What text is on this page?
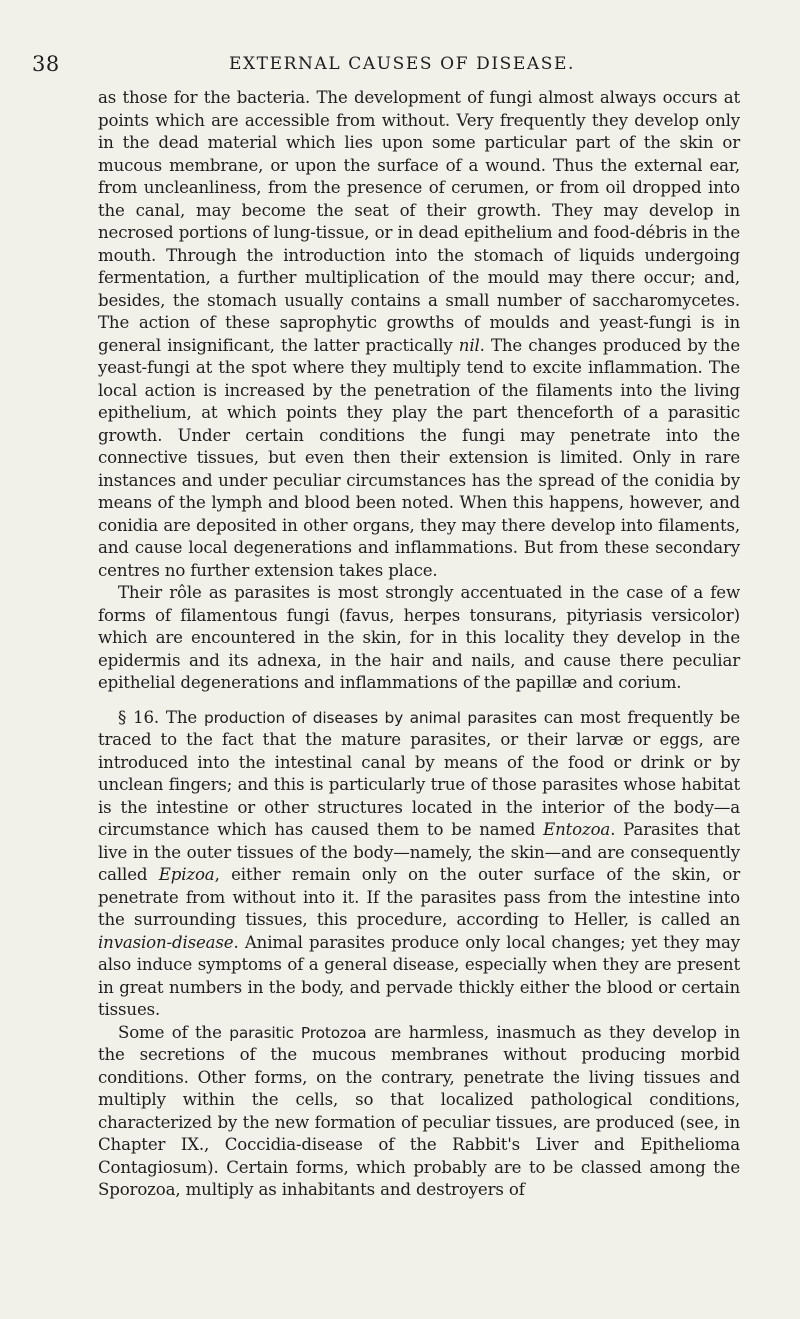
38	EXTERNAL CAUSES OF DISEASE.

as those for the bacteria. The development of fungi almost always occurs at points which are accessible from without. Very frequently they develop only in the dead material which lies upon some particular part of the skin or mucous membrane, or upon the surface of a wound. Thus the external ear, from uncleanliness, from the presence of cerumen, or from oil dropped into the canal, may become the seat of their growth. They may develop in necrosed portions of lung-tissue, or in dead epithelium and food-débris in the mouth. Through the introduction into the stomach of liquids undergoing fermentation, a further multiplication of the mould may there occur; and, besides, the stomach usually contains a small number of saccharomycetes. The action of these saprophytic growths of moulds and yeast-fungi is in general insignificant, the latter practically nil. The changes produced by the yeast-fungi at the spot where they multiply tend to excite inflammation. The local action is increased by the penetration of the filaments into the living epithelium, at which points they play the part thenceforth of a parasitic growth. Under certain conditions the fungi may penetrate into the connective tissues, but even then their extension is limited. Only in rare instances and under peculiar circumstances has the spread of the conidia by means of the lymph and blood been noted. When this happens, however, and conidia are deposited in other organs, they may there develop into filaments, and cause local degenerations and inflammations. But from these secondary centres no further extension takes place.

Their rôle as parasites is most strongly accentuated in the case of a few forms of filamentous fungi (favus, herpes tonsurans, pityriasis versicolor) which are encountered in the skin, for in this locality they develop in the epidermis and its adnexa, in the hair and nails, and cause there peculiar epithelial degenerations and inflammations of the papillæ and corium.

§ 16. The production of diseases by animal parasites can most frequently be traced to the fact that the mature parasites, or their larvæ or eggs, are introduced into the intestinal canal by means of the food or drink or by unclean fingers; and this is particularly true of those parasites whose habitat is the intestine or other structures located in the interior of the body—a circumstance which has caused them to be named Entozoa. Parasites that live in the outer tissues of the body—namely, the skin—and are consequently called Epizoa, either remain only on the outer surface of the skin, or penetrate from without into it. If the parasites pass from the intestine into the surrounding tissues, this procedure, according to Heller, is called an invasion-disease. Animal parasites produce only local changes; yet they may also induce symptoms of a general disease, especially when they are present in great numbers in the body, and pervade thickly either the blood or certain tissues.

Some of the parasitic Protozoa are harmless, inasmuch as they develop in the secretions of the mucous membranes without producing morbid conditions. Other forms, on the contrary, penetrate the living tissues and multiply within the cells, so that localized pathological conditions, characterized by the new formation of peculiar tissues, are produced (see, in Chapter IX., Coccidia-disease of the Rabbit's Liver and Epithelioma Contagiosum). Certain forms, which probably are to be classed among the Sporozoa, multiply as inhabitants and destroyers of
